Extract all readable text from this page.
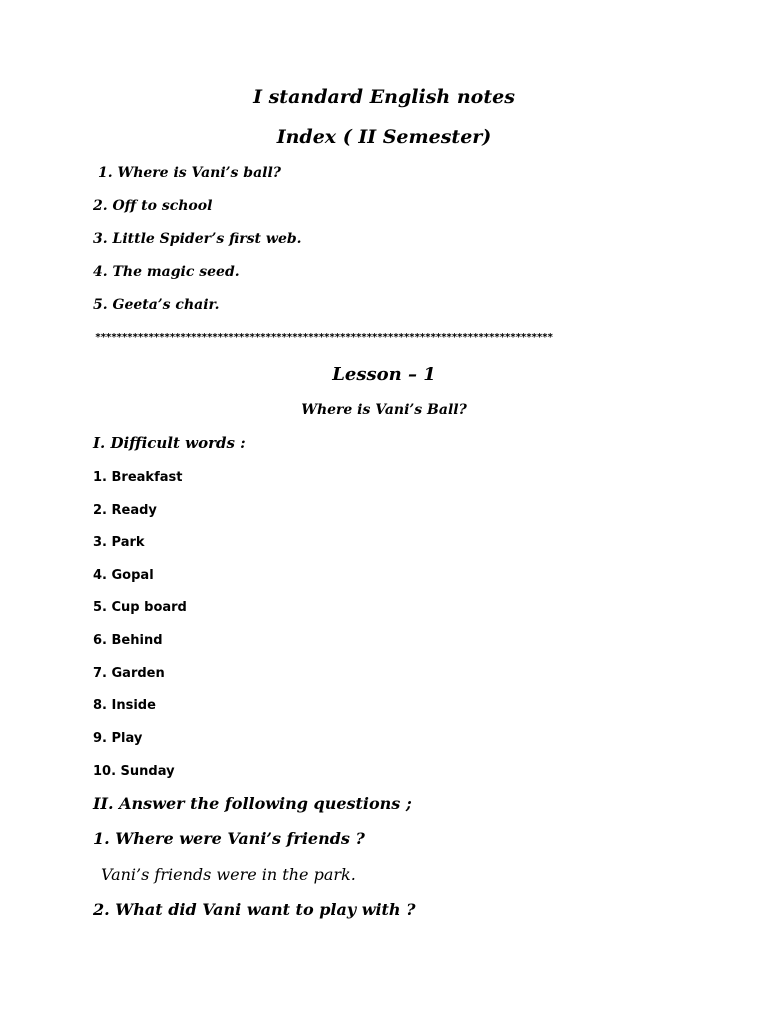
I standard English notes
Index ( II Semester)
1. Where is Vani’s ball?
2. Off to school
3. Little Spider’s first web.
4. The magic seed.
5. Geeta’s chair.
**************************************************************************************
Lesson – 1
Where is Vani’s Ball?
I. Difficult words :
1. Breakfast
2. Ready
3. Park
4. Gopal
5. Cup board
6. Behind
7. Garden
8. Inside
9. Play
10. Sunday
II. Answer the following questions ;
1. Where were Vani’s friends ?
Vani’s friends were in the park.
2. What did Vani want to play with ?
